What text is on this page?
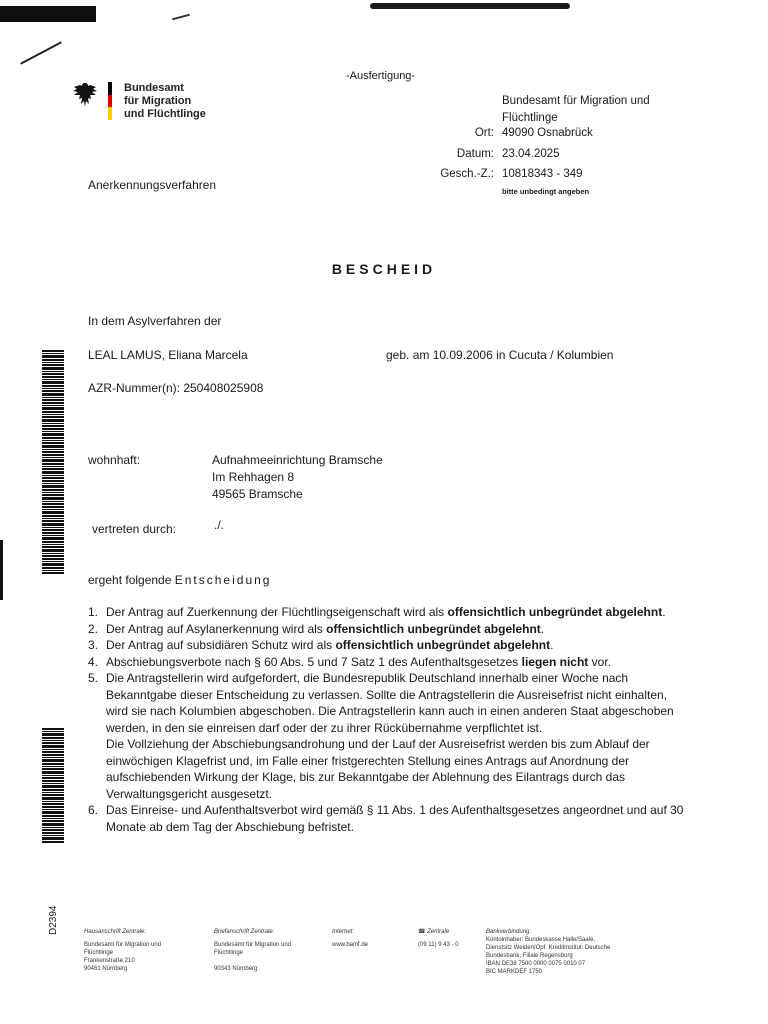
Bundesamt
für Migration
und Flüchtlinge
-Ausfertigung-
Bundesamt für Migration und Flüchtlinge
Ort: 49090 Osnabrück
Datum: 23.04.2025
Gesch.-Z.: 10818343 - 349
bitte unbedingt angeben
Anerkennungsverfahren
BESCHEID
In dem Asylverfahren der
LEAL LAMUS, Eliana Marcela	geb. am 10.09.2006 in Cucuta / Kolumbien
AZR-Nummer(n): 250408025908
wohnhaft:	Aufnahmeeinrichtung Bramsche
Im Rehhagen 8
49565 Bramsche
vertreten durch:	./.
ergeht folgende Entscheidung
1. Der Antrag auf Zuerkennung der Flüchtlingseigenschaft wird als offensichtlich unbegründet abgelehnt.
2. Der Antrag auf Asylanerkennung wird als offensichtlich unbegründet abgelehnt.
3. Der Antrag auf subsidiären Schutz wird als offensichtlich unbegründet abgelehnt.
4. Abschiebungsverbote nach § 60 Abs. 5 und 7 Satz 1 des Aufenthaltsgesetzes liegen nicht vor.
5. Die Antragstellerin wird aufgefordert, die Bundesrepublik Deutschland innerhalb einer Woche nach Bekanntgabe dieser Entscheidung zu verlassen. Sollte die Antragstellerin die Ausreisefrist nicht einhalten, wird sie nach Kolumbien abgeschoben. Die Antragstellerin kann auch in einen anderen Staat abgeschoben werden, in den sie einreisen darf oder der zu ihrer Rückübernahme verpflichtet ist.
Die Vollziehung der Abschiebungsandrohung und der Lauf der Ausreisefrist werden bis zum Ablauf der einwöchigen Klagefrist und, im Falle einer fristgerechten Stellung eines Antrags auf Anordnung der aufschiebenden Wirkung der Klage, bis zur Bekanntgabe der Ablehnung des Eilantrags durch das Verwaltungsgericht ausgesetzt.
6. Das Einreise- und Aufenthaltsverbot wird gemäß § 11 Abs. 1 des Aufenthaltsgesetzes angeordnet und auf 30 Monate ab dem Tag der Abschiebung befristet.
D2394	Hausanschrift Zentrale:
Bundesamt für Migration und
Flüchtlinge
Frankenstraße 210
90461 Nürnberg
Briefanschrift Zentrale:
Bundesamt für Migration und
Flüchtlinge
90343 Nürnberg
Internet:
www.bamf.de
☎ Zentrale
(09 11) 9 43 - 0
Bankverbindung:
Kontoinhaber: Bundeskasse Halle/Saale,
Dienstsitz Weiden/Opf. Kreditinstitut: Deutsche
Bundesbank, Filiale Regensburg
IBAN DE38 7500 0000 0075 0010 07
BIC MARKDEF 1750
